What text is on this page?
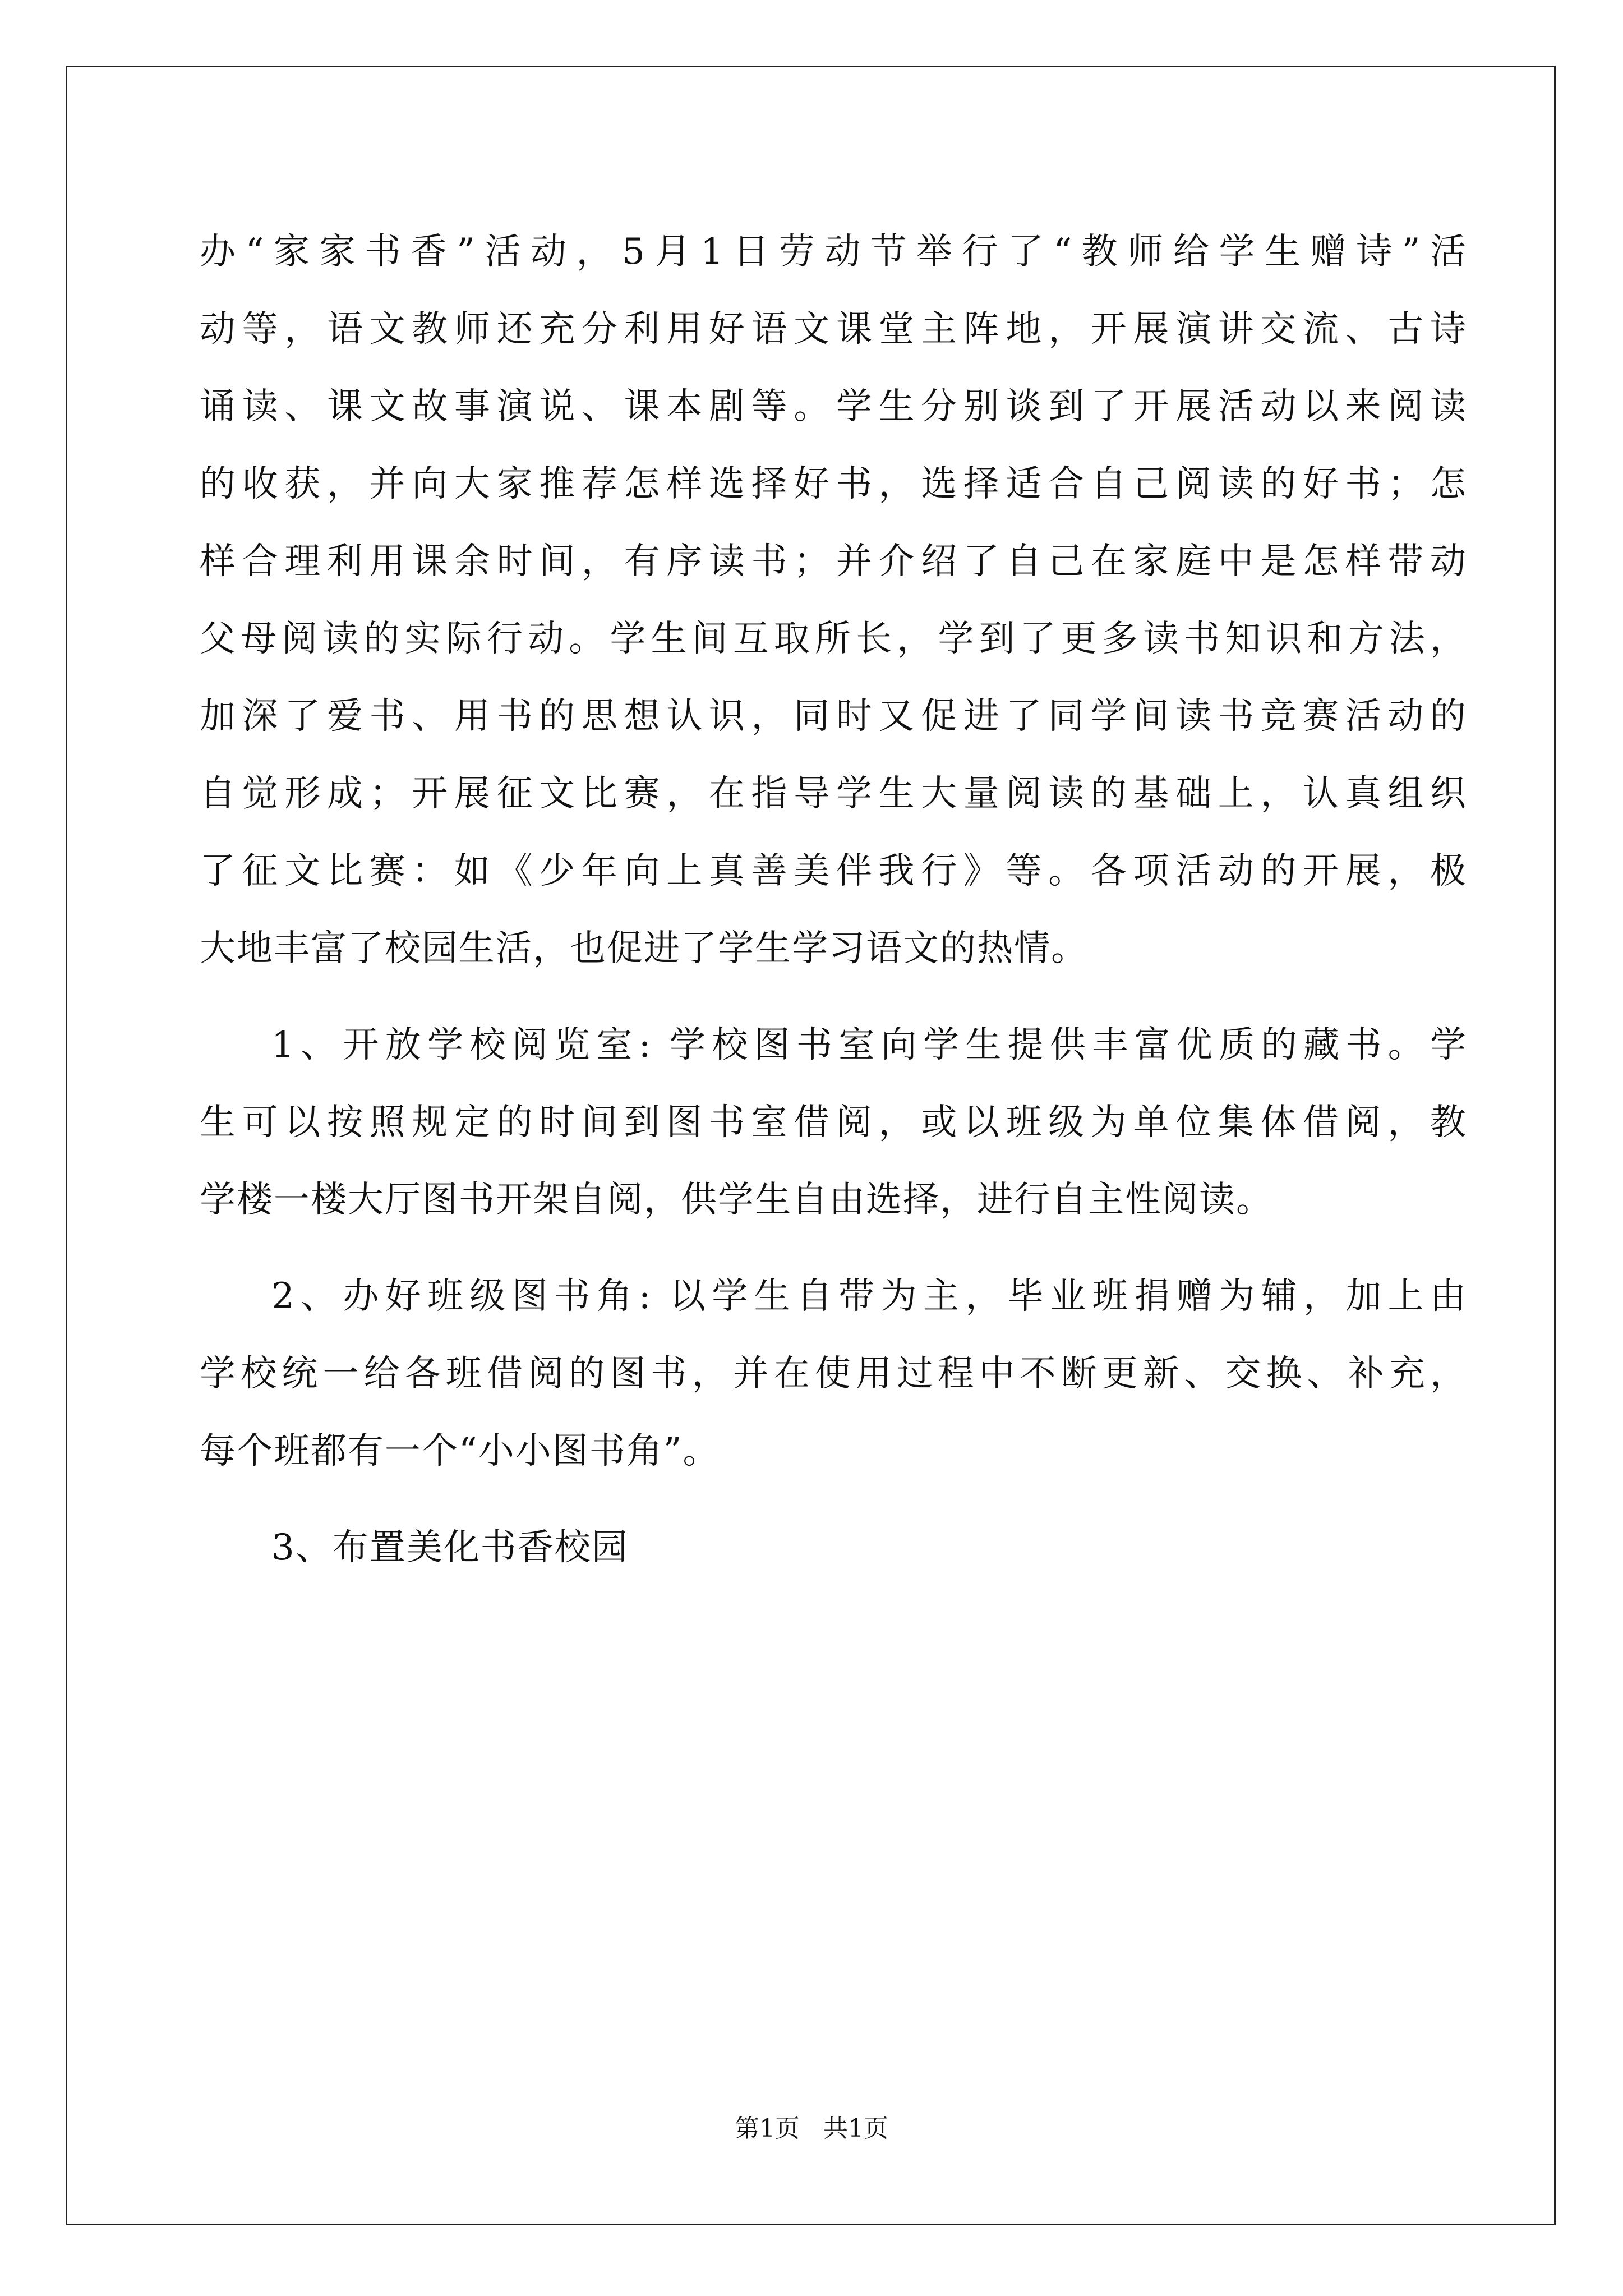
办“家家书香”活动，5月1日劳动节举行了“教师给学生赠诗”活
动等，语文教师还充分利用好语文课堂主阵地，开展演讲交流、古诗
诵读、课文故事演说、课本剧等。学生分别谈到了开展活动以来阅读
的收获，并向大家推荐怎样选择好书，选择适合自己阅读的好书；怎
样合理利用课余时间，有序读书；并介绍了自己在家庭中是怎样带动
父母阅读的实际行动。学生间互取所长，学到了更多读书知识和方法，
加深了爱书、用书的思想认识，同时又促进了同学间读书竞赛活动的
自觉形成；开展征文比赛，在指导学生大量阅读的基础上，认真组织
了征文比赛：如《少年向上真善美伴我行》等。各项活动的开展，极
大地丰富了校园生活，也促进了学生学习语文的热情。
1、开放学校阅览室: 学校图书室向学生提供丰富优质的藏书。学
生可以按照规定的时间到图书室借阅，或以班级为单位集体借阅，教
学楼一楼大厅图书开架自阅，供学生自由选择，进行自主性阅读。
2、办好班级图书角: 以学生自带为主，毕业班捐赠为辅，加上由
学校统一给各班借阅的图书，并在使用过程中不断更新、交换、补充，
每个班都有一个“小小图书角”。
3、布置美化书香校园
第1页   共1页
